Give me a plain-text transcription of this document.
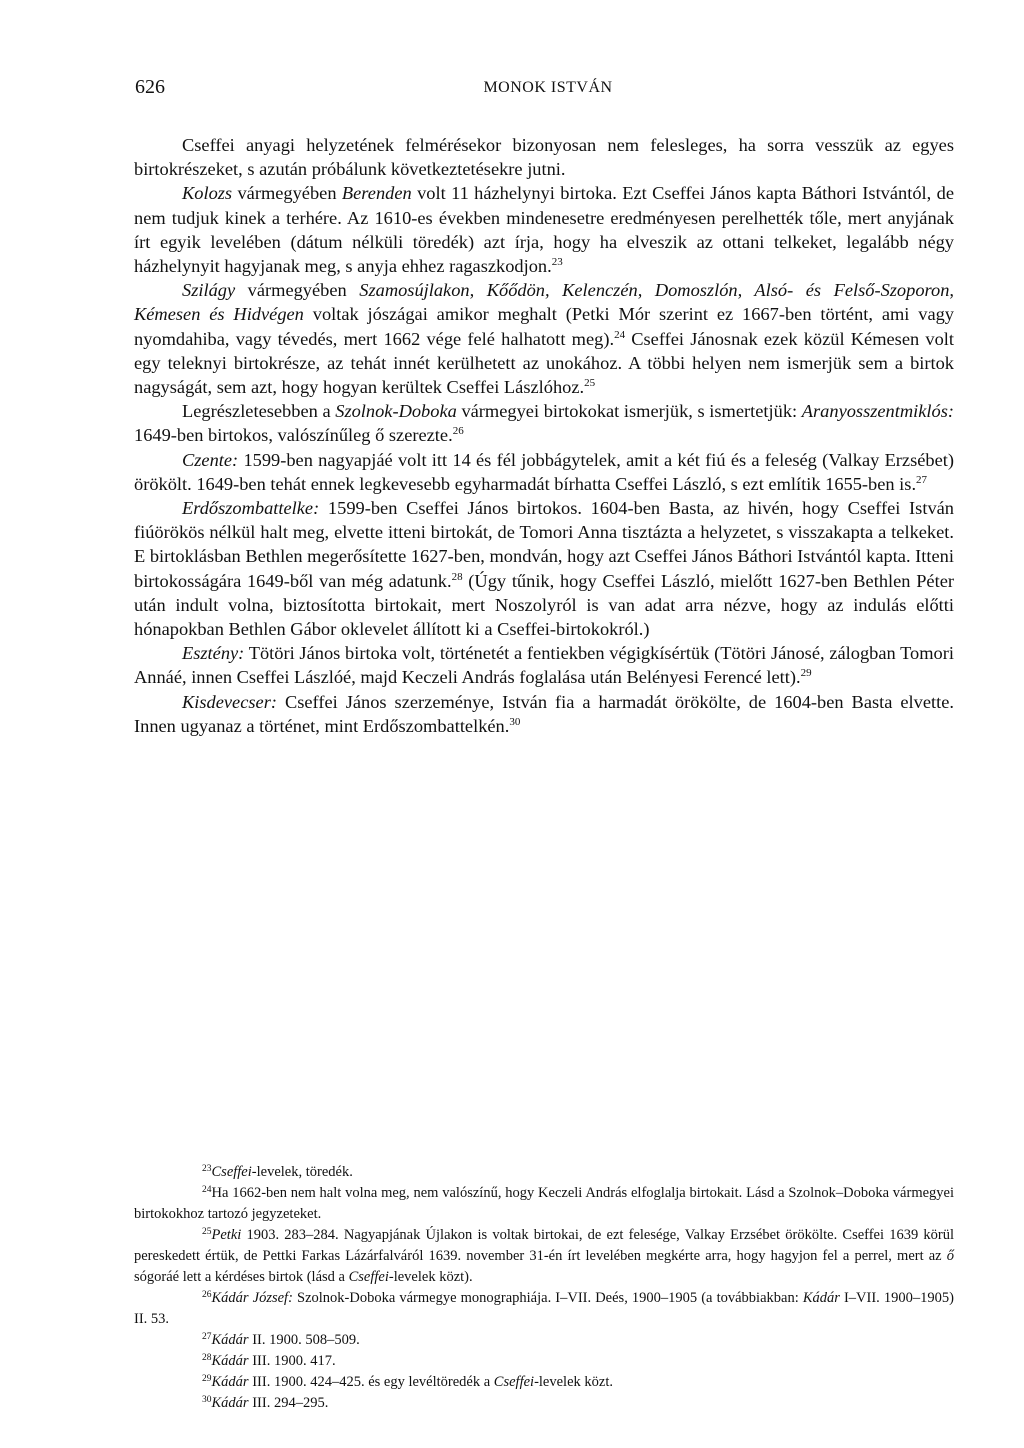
626	MONOK ISTVÁN

Cseffei anyagi helyzetének felmérésekor bizonyosan nem felesleges, ha sorra vesszük az egyes birtokrészeket, s azután próbálunk következtetésekre jutni.

Kolozs vármegyében Berenden volt 11 házhelynyi birtoka. Ezt Cseffei János kapta Báthori Istvántól, de nem tudjuk kinek a terhére. Az 1610-es években mindenesetre eredményesen perelhették tőle, mert anyjának írt egyik levelében (dátum nélküli töredék) azt írja, hogy ha elveszik az ottani telkeket, legalább négy házhelynyit hagyjanak meg, s anyja ehhez ragaszkodjon.$^{23}$

Szilágy vármegyében Szamosújlakon, Kőődön, Kelenczén, Domoszlón, Alsó- és Felső-Szoporon, Kémesen és Hidvégen voltak jószágai amikor meghalt (Petki Mór szerint ez 1667-ben történt, ami vagy nyomdahiba, vagy tévedés, mert 1662 vége felé halhatott meg).$^{24}$ Cseffei Jánosnak ezek közül Kémesen volt egy teleknyi birtokrésze, az tehát innét kerülhetett az unokához. A többi helyen nem ismerjük sem a birtok nagyságát, sem azt, hogy hogyan kerültek Cseffei Lászlóhoz.$^{25}$

Legrészletesebben a Szolnok-Doboka vármegyei birtokokat ismerjük, s ismertetjük: Aranyosszentmiklós: 1649-ben birtokos, valószínűleg ő szerezte.$^{26}$

Czente: 1599-ben nagyapjáé volt itt 14 és fél jobbágytelek, amit a két fiú és a feleség (Valkay Erzsébet) örökölt. 1649-ben tehát ennek legkevesebb egyharmadát bírhatta Cseffei László, s ezt említik 1655-ben is.$^{27}$

Erdőszombattelke: 1599-ben Cseffei János birtokos. 1604-ben Basta, az hivén, hogy Cseffei István fiúörökös nélkül halt meg, elvette itteni birtokát, de Tomori Anna tisztázta a helyzetet, s visszakapta a telkeket. E birtoklásban Bethlen megerősítette 1627-ben, mondván, hogy azt Cseffei János Báthori Istvántól kapta. Itteni birtokosságára 1649-ből van még adatunk.$^{28}$ (Úgy tűnik, hogy Cseffei László, mielőtt 1627-ben Bethlen Péter után indult volna, biztosította birtokait, mert Noszolyról is van adat arra nézve, hogy az indulás előtti hónapokban Bethlen Gábor oklevelet állított ki a Cseffei-birtokokról.)

Esztény: Tötöri János birtoka volt, történetét a fentiekben végigkísértük (Tötöri Jánosé, zálogban Tomori Annáé, innen Cseffei Lászlóé, majd Keczeli András foglalása után Belényesi Ferencé lett).$^{29}$

Kisdevecser: Cseffei János szerzeménye, István fia a harmadát örökölte, de 1604-ben Basta elvette. Innen ugyanaz a történet, mint Erdőszombattelkén.$^{30}$

$^{23}$Cseffei-levelek, töredék.

$^{24}$Ha 1662-ben nem halt volna meg, nem valószínű, hogy Keczeli András elfoglalja birtokait. Lásd a Szolnok–Doboka vármegyei birtokokhoz tartozó jegyzeteket.

$^{25}$Petki 1903. 283–284. Nagyapjának Újlakon is voltak birtokai, de ezt felesége, Valkay Erzsébet örökölte. Cseffei 1639 körül pereskedett értük, de Pettki Farkas Lázárfalváról 1639. november 31-én írt levelében megkérte arra, hogy hagyjon fel a perrel, mert az ő sógoráé lett a kérdéses birtok (lásd a Cseffei-levelek közt).

$^{26}$Kádár József: Szolnok-Doboka vármegye monographiája. I–VII. Deés, 1900–1905 (a továbbiakban: Kádár I–VII. 1900–1905) II. 53.

$^{27}$Kádár II. 1900. 508–509.

$^{28}$Kádár III. 1900. 417.

$^{29}$Kádár III. 1900. 424–425. és egy levéltöredék a Cseffei-levelek közt.

$^{30}$Kádár III. 294–295.
